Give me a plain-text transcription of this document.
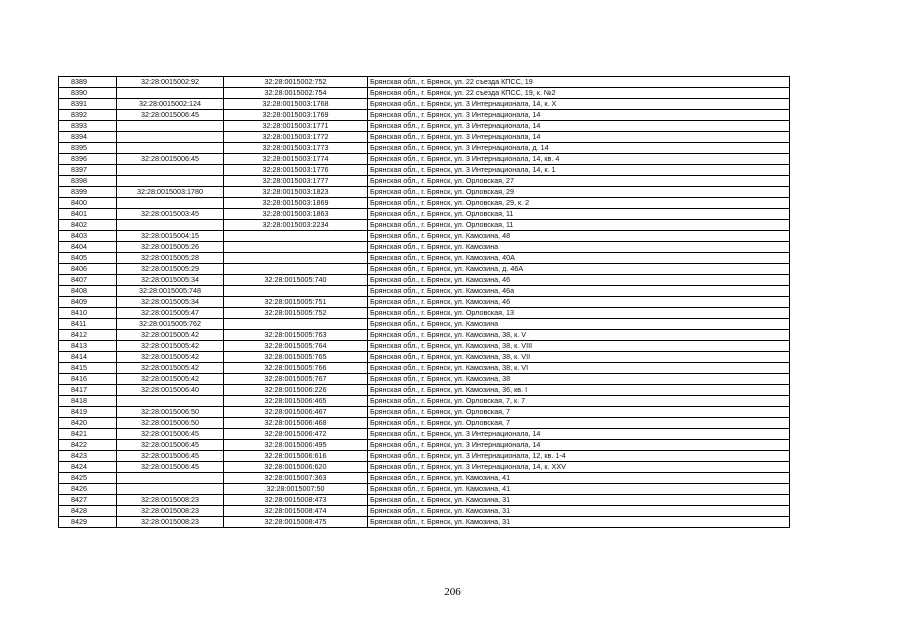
8389	32:28:0015002:92	32:28:0015002:752	Брянская обл., г. Брянск, ул. 22 съезда КПСС, 19
8390		32:28:0015002:754	Брянская обл., г. Брянск, ул. 22 съезда КПСС, 19, к. №2
8391	32:28:0015002:124	32:28:0015003:1768	Брянская обл., г. Брянск, ул. 3 Интернационала, 14, к. X
8392	32:28:0015006:45	32:28:0015003:1769	Брянская обл., г. Брянск, ул. 3 Интернационала, 14
8393		32:28:0015003:1771	Брянская обл., г. Брянск, ул. 3 Интернационала, 14
8394		32:28:0015003:1772	Брянская обл., г. Брянск, ул. 3 Интернационала, 14
8395		32:28:0015003:1773	Брянская обл., г. Брянск, ул. 3 Интернационала, д. 14
8396	32:28:0015006:45	32:28:0015003:1774	Брянская обл., г. Брянск, ул. 3 Интернационала, 14, кв. 4
8397		32:28:0015003:1776	Брянская обл., г. Брянск, ул. 3 Интернационала, 14, к. 1
8398		32:28:0015003:1777	Брянская обл., г. Брянск, ул. Орловская, 27
8399	32:28:0015003:1780	32:28:0015003:1823	Брянская обл., г. Брянск, ул. Орловская, 29
8400		32:28:0015003:1869	Брянская обл., г. Брянск, ул. Орловская, 29, к. 2
8401	32:28:0015003:45	32:28:0015003:1863	Брянская обл., г. Брянск, ул. Орловская, 11
8402		32:28:0015003:2234	Брянская обл., г. Брянск, ул. Орловская, 11
8403	32:28:0015004:15		Брянская обл., г. Брянск, ул. Камозина, 48
8404	32:28:0015005:26		Брянская обл., г. Брянск, ул. Камозина
8405	32:28:0015005:28		Брянская обл., г. Брянск, ул. Камозина, 40А
8406	32:28:0015005:29		Брянская обл., г. Брянск, ул. Камозина, д. 46А
8407	32:28:0015005:34	32:28:0015005:740	Брянская обл., г. Брянск, ул. Камозина, 46
8408	32:28:0015005:748		Брянская обл., г. Брянск, ул. Камозина, 46а
8409	32:28:0015005:34	32:28:0015005:751	Брянская обл., г. Брянск, ул. Камозина, 46
8410	32:28:0015005:47	32:28:0015005:752	Брянская обл., г. Брянск, ул. Орловская, 13
8411	32:28:0015005:762		Брянская обл., г. Брянск, ул. Камозина
8412	32:28:0015005:42	32:28:0015005:763	Брянская обл., г. Брянск, ул. Камозина, 38, к. V
8413	32:28:0015005:42	32:28:0015005:764	Брянская обл., г. Брянск, ул. Камозина, 38, к. VIII
8414	32:28:0015005:42	32:28:0015005:765	Брянская обл., г. Брянск, ул. Камозина, 38, к. VII
8415	32:28:0015005:42	32:28:0015005:766	Брянская обл., г. Брянск, ул. Камозина, 38, к. VI
8416	32:28:0015005:42	32:28:0015005:767	Брянская обл., г. Брянск, ул. Камозина, 38
8417	32:28:0015006:40	32:28:0015006:226	Брянская обл., г. Брянск, ул. Камозина, 36, кв. I
8418		32:28:0015006:465	Брянская обл., г. Брянск, ул. Орловская, 7, к. 7
8419	32:28:0015006:50	32:28:0015006:467	Брянская обл., г. Брянск, ул. Орловская, 7
8420	32:28:0015006:50	32:28:0015006:468	Брянская обл., г. Брянск, ул. Орловская, 7
8421	32:28:0015006:45	32:28:0015006:472	Брянская обл., г. Брянск, ул. 3 Интернационала, 14
8422	32:28:0015006:45	32:28:0015006:495	Брянская обл., г. Брянск, ул. 3 Интернационала, 14
8423	32:28:0015006:45	32:28:0015006:616	Брянская обл., г. Брянск, ул. 3 Интернационала, 12, кв. 1-4
8424	32:28:0015006:45	32:28:0015006:620	Брянская обл., г. Брянск, ул. 3 Интернационала, 14, к. XXV
8425		32:28:0015007:363	Брянская обл., г. Брянск, ул. Камозина, 41
8426		32:28:0015007:50	Брянская обл., г. Брянск, ул. Камозина, 41
8427	32:28:0015008:23	32:28:0015008:473	Брянская обл., г. Брянск, ул. Камозина, 31
8428	32:28:0015008:23	32:28:0015008:474	Брянская обл., г. Брянск, ул. Камозина, 31
8429	32:28:0015008:23	32:28:0015008:475	Брянская обл., г. Брянск, ул. Камозина, 31
206
